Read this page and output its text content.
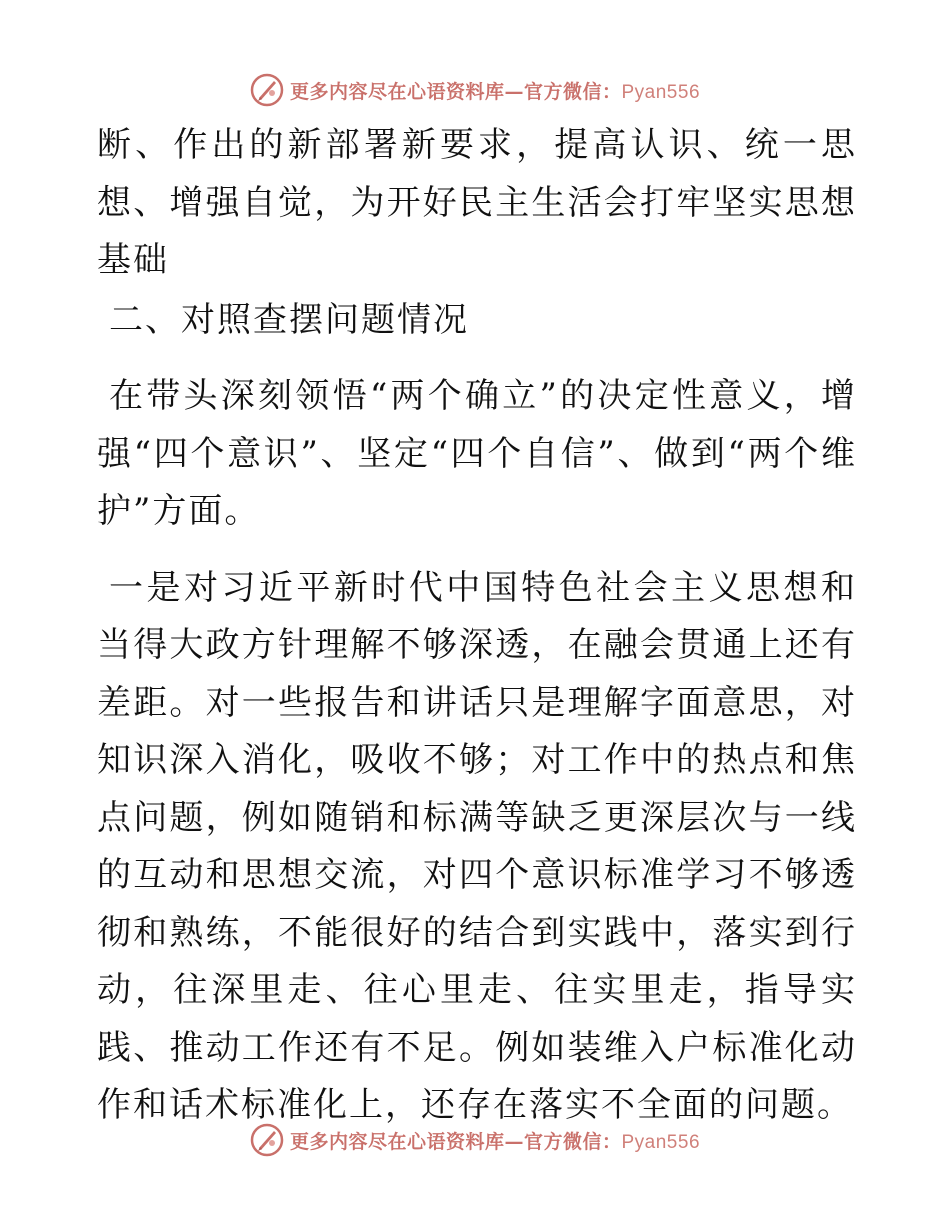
更多内容尽在心语资料库—官方微信：Pyan556

断、作出的新部署新要求，提高认识、统一思想、增强自觉，为开好民主生活会打牢坚实思想基础

二、对照查摆问题情况

在带头深刻领悟“两个确立”的决定性意义，增强“四个意识”、坚定“四个自信”、做到“两个维护”方面。

一是对习近平新时代中国特色社会主义思想和当得大政方针理解不够深透，在融会贯通上还有差距。对一些报告和讲话只是理解字面意思，对知识深入消化，吸收不够；对工作中的热点和焦点问题，例如随销和标满等缺乏更深层次与一线的互动和思想交流，对四个意识标准学习不够透彻和熟练，不能很好的结合到实践中，落实到行动，往深里走、往心里走、往实里走，指导实践、推动工作还有不足。例如装维入户标准化动作和话术标准化上，还存在落实不全面的问题。

更多内容尽在心语资料库—官方微信：Pyan556
